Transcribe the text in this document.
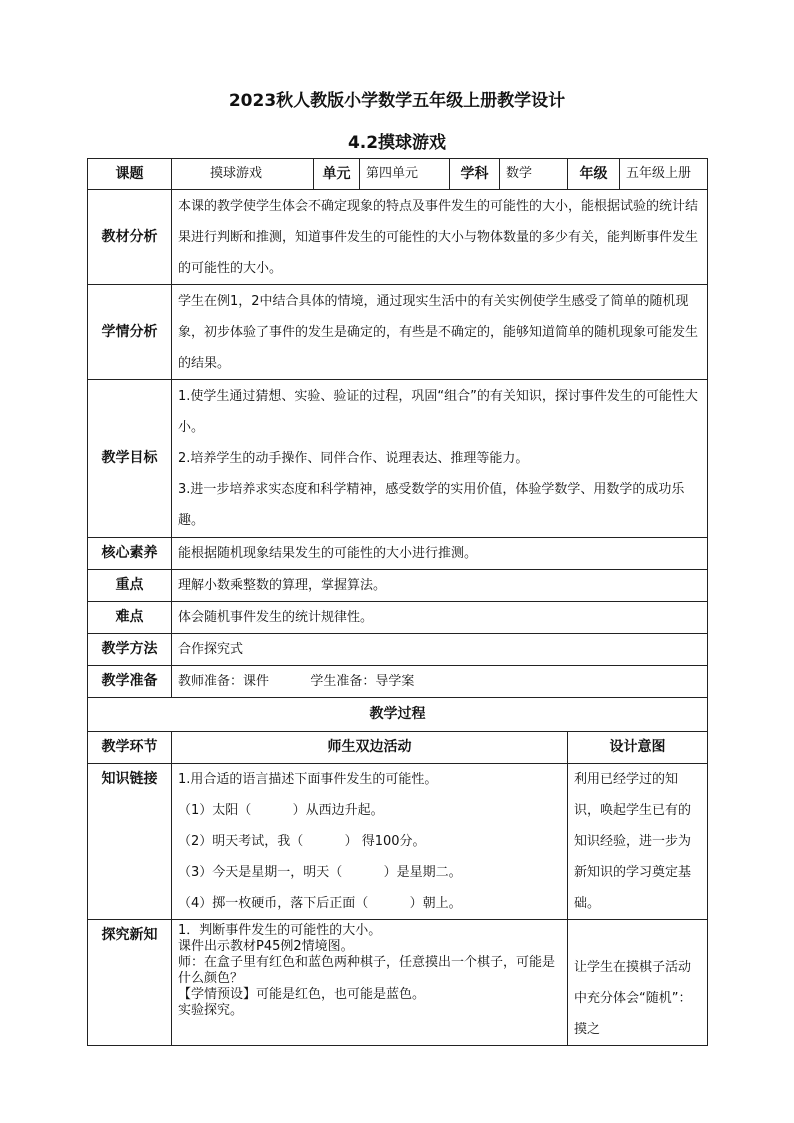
2023秋人教版小学数学五年级上册教学设计
4.2摸球游戏
课题	摸球游戏	单元	第四单元	学科	数学	年级	五年级上册
教材分析	本课的教学使学生体会不确定现象的特点及事件发生的可能性的大小，能根据试验的统计结果进行判断和推测，知道事件发生的可能性的大小与物体数量的多少有关，能判断事件发生的可能性的大小。						

学情分析	学生在例1，2中结合具体的情境，通过现实生活中的有关实例使学生感受了简单的随机现象，初步体验了事件的发生是确定的，有些是不确定的，能够知道简单的随机现象可能发生的结果。						

教学目标	1.使学生通过猜想、实验、验证的过程，巩固“组合”的有关知识，探讨事件发生的可能性大小。

2.培养学生的动手操作、同伴合作、说理表达、推理等能力。

3.进一步培养求实态度和科学精神，感受数学的实用价值，体验学数学、用数学的成功乐趣。						

核心素养	能根据随机现象结果发生的可能性的大小进行推测。						
重点	理解小数乘整数的算理，掌握算法。						
难点	体会随机事件发生的统计规律性。						
教学方法	合作探究式						
教学准备	教师准备：课件          学生准备：导学案						
教学过程							
教学环节	师生双边活动					设计意图	
知识链接	1.用合适的语言描述下面事件发生的可能性。

（1）太阳（          ）从西边升起。

（2）明天考试，我（          ） 得100分。

（3）今天是星期一，明天（          ）是星期二。

（4）掷一枚硬币，落下后正面（          ）朝上。					利用已经学过的知识，唤起学生已有的知识经验，进一步为新知识的学习奠定基础。	

探究新知	1．判断事件发生的可能性的大小。

课件出示教材P45例2情境图。

师：在盒子里有红色和蓝色两种棋子，任意摸出一个棋子，可能是什么颜色？

【学情预设】可能是红色，也可能是蓝色。

实验探究。					让学生在摸棋子活动中充分体会“随机”：摸之	
